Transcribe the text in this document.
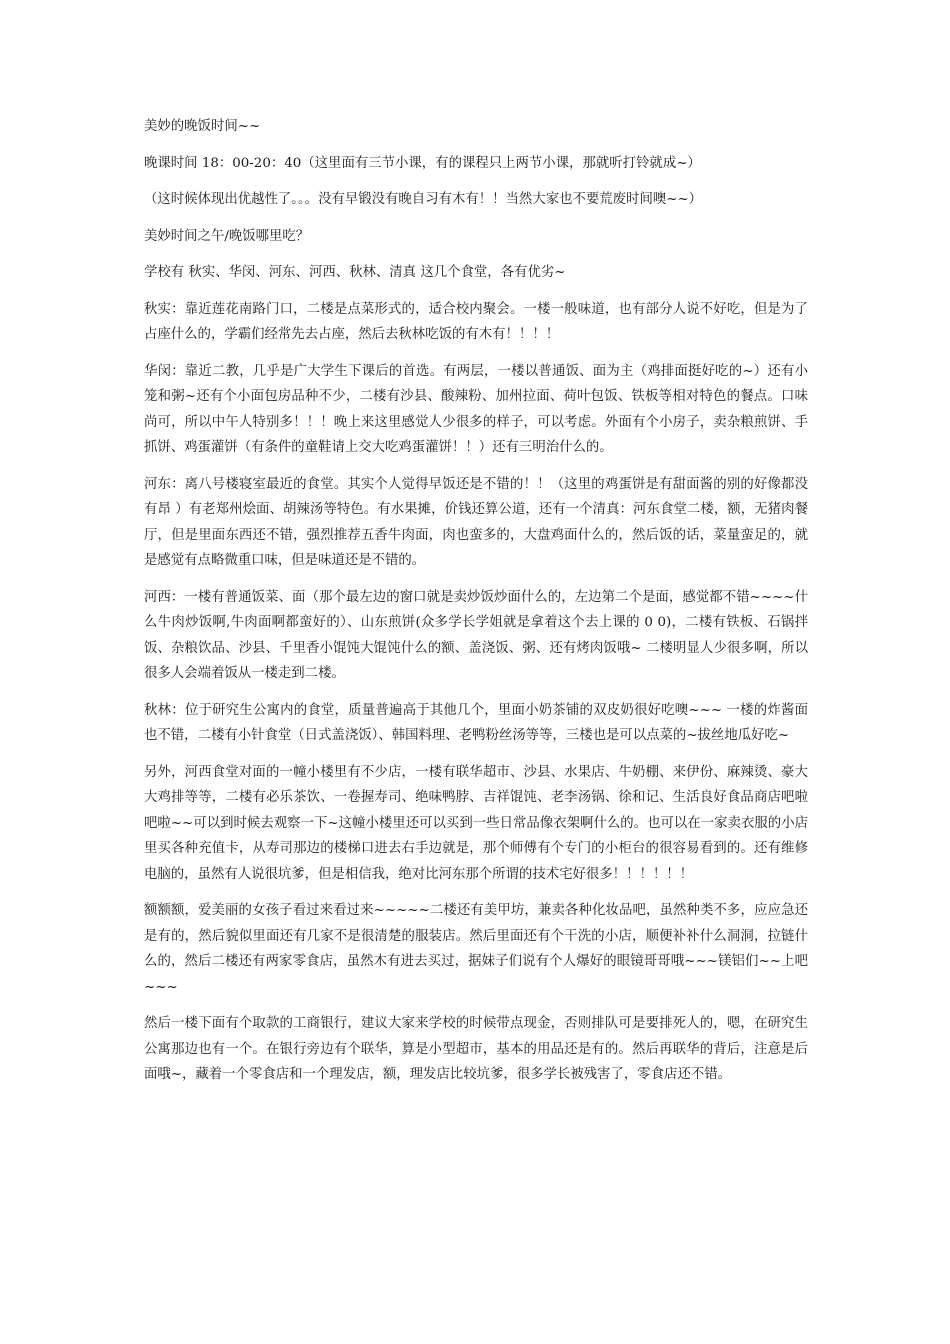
美妙的晚饭时间~~

晚课时间 18：00-20：40（这里面有三节小课，有的课程只上两节小课，那就听打铃就成~）

（这时候体现出优越性了。。。没有早锻没有晚自习有木有！！当然大家也不要荒废时间噢~~）

美妙时间之午/晚饭哪里吃？

学校有 秋实、华闵、河东、河西、秋林、清真 这几个食堂，各有优劣~

秋实：靠近莲花南路门口，二楼是点菜形式的，适合校内聚会。一楼一般味道，也有部分人说不好吃，但是为了占座什么的，学霸们经常先去占座，然后去秋林吃饭的有木有！！！！

华闵：靠近二教，几乎是广大学生下课后的首选。有两层，一楼以普通饭、面为主（鸡排面挺好吃的~）还有小笼和粥~还有个小面包房品种不少，二楼有沙县、酸辣粉、加州拉面、荷叶包饭、铁板等相对特色的餐点。口味尚可，所以中午人特别多！！！晚上来这里感觉人少很多的样子，可以考虑。外面有个小房子，卖杂粮煎饼、手抓饼、鸡蛋灌饼（有条件的童鞋请上交大吃鸡蛋灌饼！！）还有三明治什么的。

河东：离八号楼寝室最近的食堂。其实个人觉得早饭还是不错的！！（这里的鸡蛋饼是有甜面酱的别的好像都没有昂 ）有老郑州烩面、胡辣汤等特色。有水果摊，价钱还算公道，还有一个清真：河东食堂二楼，额，无猪肉餐厅，但是里面东西还不错，强烈推荐五香牛肉面，肉也蛮多的，大盘鸡面什么的，然后饭的话，菜量蛮足的，就是感觉有点略微重口味，但是味道还是不错的。

河西：一楼有普通饭菜、面（那个最左边的窗口就是卖炒饭炒面什么的，左边第二个是面，感觉都不错~~~~什么牛肉炒饭啊,牛肉面啊都蛮好的）、山东煎饼(众多学长学姐就是拿着这个去上课的 0 0)，二楼有铁板、石锅拌饭、杂粮饮品、沙县、千里香小馄饨大馄饨什么的额、盖浇饭、粥、还有烤肉饭哦~ 二楼明显人少很多啊，所以很多人会端着饭从一楼走到二楼。

秋林：位于研究生公寓内的食堂，质量普遍高于其他几个，里面小奶茶铺的双皮奶很好吃噢~~~ 一楼的炸酱面也不错，二楼有小针食堂（日式盖浇饭）、韩国料理、老鸭粉丝汤等等，三楼也是可以点菜的~拔丝地瓜好吃~

另外，河西食堂对面的一幢小楼里有不少店，一楼有联华超市、沙县、水果店、牛奶棚、来伊份、麻辣烫、豪大大鸡排等等，二楼有必乐茶饮、一卷握寿司、绝味鸭脖、吉祥馄饨、老李汤锅、徐和记、生活良好食品商店吧啦吧啦~~可以到时候去观察一下~这幢小楼里还可以买到一些日常品像衣架啊什么的。也可以在一家卖衣服的小店里买各种充值卡，从寿司那边的楼梯口进去右手边就是，那个师傅有个专门的小柜台的很容易看到的。还有维修电脑的，虽然有人说很坑爹，但是相信我，绝对比河东那个所谓的技术宅好很多！！！！！！

额额额，爱美丽的女孩子看过来看过来~~~~~二楼还有美甲坊，兼卖各种化妆品吧，虽然种类不多，应应急还是有的，然后貌似里面还有几家不是很清楚的服装店。然后里面还有个干洗的小店，顺便补补什么洞洞，拉链什么的，然后二楼还有两家零食店，虽然木有进去买过，据妹子们说有个人爆好的眼镜哥哥哦~~~镁铝们~~上吧~~~

然后一楼下面有个取款的工商银行，建议大家来学校的时候带点现金，否则排队可是要排死人的，嗯，在研究生公寓那边也有一个。在银行旁边有个联华，算是小型超市，基本的用品还是有的。然后再联华的背后，注意是后面哦~，藏着一个零食店和一个理发店，额，理发店比较坑爹，很多学长被残害了，零食店还不错。
